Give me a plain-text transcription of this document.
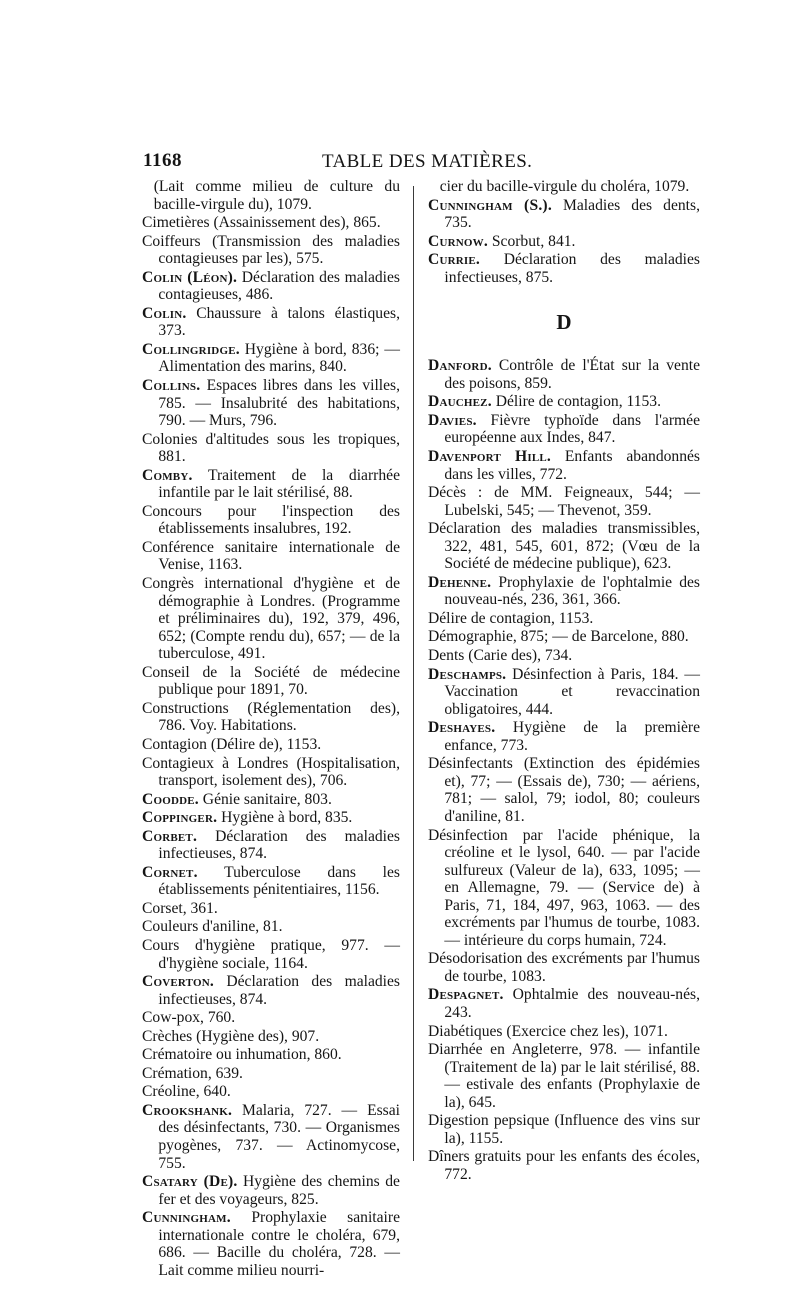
1168	TABLE DES MATIÈRES.
(Lait comme milieu de culture du bacille-virgule du), 1079.
Cimetières (Assainissement des), 865.
Coiffeurs (Transmission des maladies contagieuses par les), 575.
Colin (Léon). Déclaration des maladies contagieuses, 486.
Colin. Chaussure à talons élastiques, 373.
Collingridge. Hygiène à bord, 836; — Alimentation des marins, 840.
Collins. Espaces libres dans les villes, 785. — Insalubrité des habitations, 790. — Murs, 796.
Colonies d'altitudes sous les tropiques, 881.
Comby. Traitement de la diarrhée infantile par le lait stérilisé, 88.
Concours pour l'inspection des établissements insalubres, 192.
Conférence sanitaire internationale de Venise, 1163.
Congrès international d'hygiène et de démographie à Londres. (Programme et préliminaires du), 192, 379, 496, 652; (Compte rendu du), 657; — de la tuberculose, 491.
Conseil de la Société de médecine publique pour 1891, 70.
Constructions (Réglementation des), 786. Voy. Habitations.
Contagion (Délire de), 1153.
Contagieux à Londres (Hospitalisation, transport, isolement des), 706.
Coodde. Génie sanitaire, 803.
Coppinger. Hygiène à bord, 835.
Corbet. Déclaration des maladies infectieuses, 874.
Cornet. Tuberculose dans les établissements pénitentiaires, 1156.
Corset, 361.
Couleurs d'aniline, 81.
Cours d'hygiène pratique, 977. — d'hygiène sociale, 1164.
Coverton. Déclaration des maladies infectieuses, 874.
Cow-pox, 760.
Crèches (Hygiène des), 907.
Crématoire ou inhumation, 860.
Crémation, 639.
Créoline, 640.
Crookshank. Malaria, 727. — Essai des désinfectants, 730. — Organismes pyogènes, 737. — Actinomycose, 755.
Csatary (De). Hygiène des chemins de fer et des voyageurs, 825.
Cunningham. Prophylaxie sanitaire internationale contre le choléra, 679, 686. — Bacille du choléra, 728. — Lait comme milieu nourri-
cier du bacille-virgule du choléra, 1079.
Cunningham (S.). Maladies des dents, 735.
Curnow. Scorbut, 841.
Currie. Déclaration des maladies infectieuses, 875.
D
Danford. Contrôle de l'État sur la vente des poisons, 859.
Dauchez. Délire de contagion, 1153.
Davies. Fièvre typhoïde dans l'armée européenne aux Indes, 847.
Davenport Hill. Enfants abandonnés dans les villes, 772.
Décès : de MM. Feigneaux, 544; — Lubelski, 545; — Thevenot, 359.
Déclaration des maladies transmissibles, 322, 481, 545, 601, 872; (Vœu de la Société de médecine publique), 623.
Dehenne. Prophylaxie de l'ophtalmie des nouveau-nés, 236, 361, 366.
Délire de contagion, 1153.
Démographie, 875; — de Barcelone, 880.
Dents (Carie des), 734.
Deschamps. Désinfection à Paris, 184. — Vaccination et revaccination obligatoires, 444.
Deshayes. Hygiène de la première enfance, 773.
Désinfectants (Extinction des épidémies et), 77; — (Essais de), 730; — aériens, 781; — salol, 79; iodol, 80; couleurs d'aniline, 81.
Désinfection par l'acide phénique, la créoline et le lysol, 640. — par l'acide sulfureux (Valeur de la), 633, 1095; — en Allemagne, 79. — (Service de) à Paris, 71, 184, 497, 963, 1063. — des excréments par l'humus de tourbe, 1083. — intérieure du corps humain, 724.
Désodorisation des excréments par l'humus de tourbe, 1083.
Despagnet. Ophtalmie des nouveau-nés, 243.
Diabétiques (Exercice chez les), 1071.
Diarrhée en Angleterre, 978. — infantile (Traitement de la) par le lait stérilisé, 88. — estivale des enfants (Prophylaxie de la), 645.
Digestion pepsique (Influence des vins sur la), 1155.
Dîners gratuits pour les enfants des écoles, 772.
